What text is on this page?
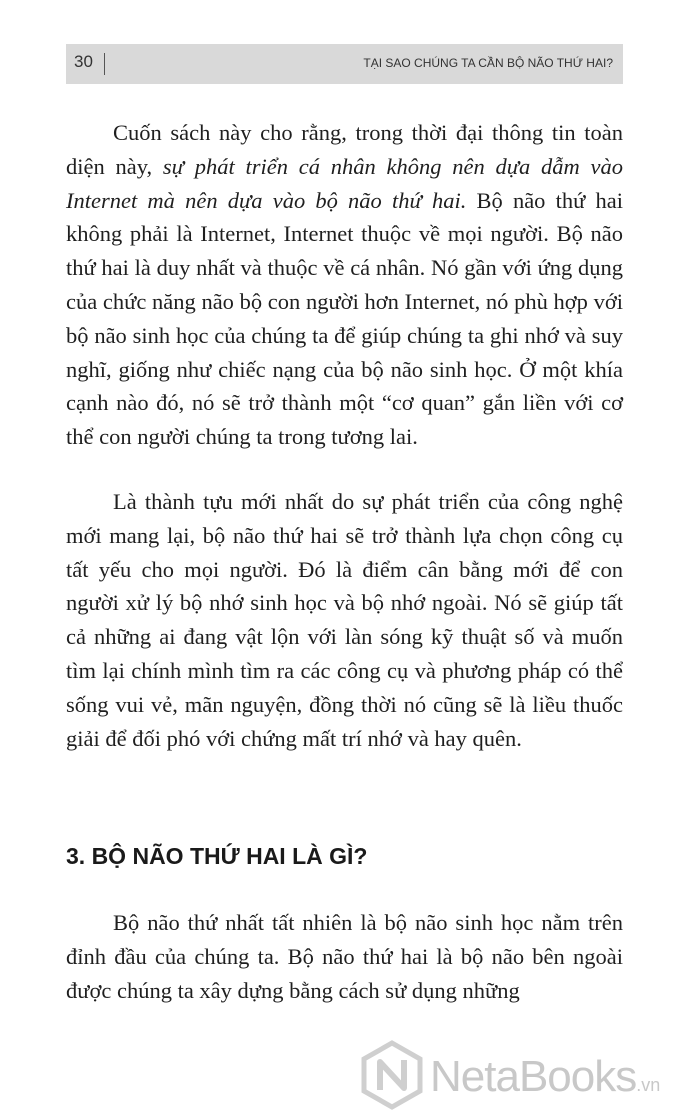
30	TẠI SAO CHÚNG TA CẦN BỘ NÃO THỨ HAI?

Cuốn sách này cho rằng, trong thời đại thông tin toàn diện này, sự phát triển cá nhân không nên dựa dẫm vào Internet mà nên dựa vào bộ não thứ hai. Bộ não thứ hai không phải là Internet, Internet thuộc về mọi người. Bộ não thứ hai là duy nhất và thuộc về cá nhân. Nó gần với ứng dụng của chức năng não bộ con người hơn Internet, nó phù hợp với bộ não sinh học của chúng ta để giúp chúng ta ghi nhớ và suy nghĩ, giống như chiếc nạng của bộ não sinh học. Ở một khía cạnh nào đó, nó sẽ trở thành một “cơ quan” gắn liền với cơ thể con người chúng ta trong tương lai.

Là thành tựu mới nhất do sự phát triển của công nghệ mới mang lại, bộ não thứ hai sẽ trở thành lựa chọn công cụ tất yếu cho mọi người. Đó là điểm cân bằng mới để con người xử lý bộ nhớ sinh học và bộ nhớ ngoài. Nó sẽ giúp tất cả những ai đang vật lộn với làn sóng kỹ thuật số và muốn tìm lại chính mình tìm ra các công cụ và phương pháp có thể sống vui vẻ, mãn nguyện, đồng thời nó cũng sẽ là liều thuốc giải để đối phó với chứng mất trí nhớ và hay quên.

3. BỘ NÃO THỨ HAI LÀ GÌ?

Bộ não thứ nhất tất nhiên là bộ não sinh học nằm trên đỉnh đầu của chúng ta. Bộ não thứ hai là bộ não bên ngoài được chúng ta xây dựng bằng cách sử dụng những

NetaBooks.vn
